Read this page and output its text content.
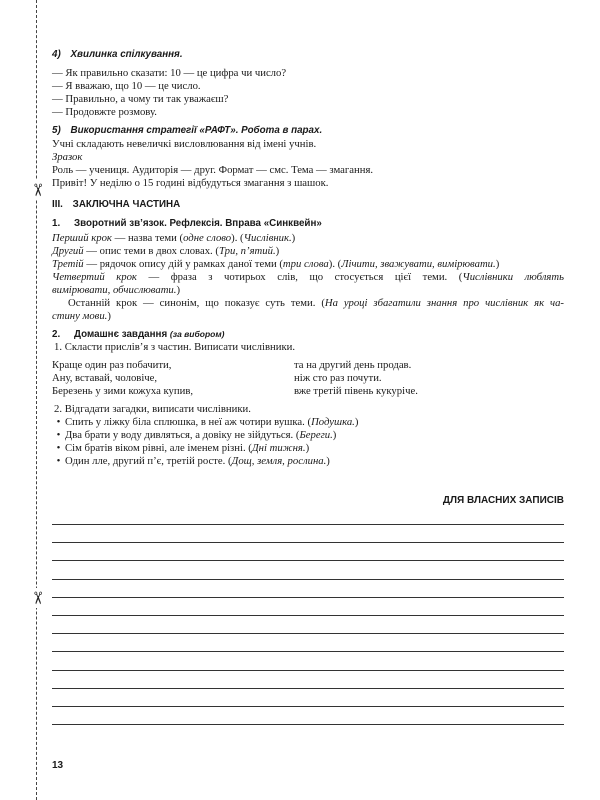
✂
✂
4) Хвилинка спілкування.
— Як правильно сказати: 10 — це цифра чи число?
— Я вважаю, що 10 — це число.
— Правильно, а чому ти так уважаєш?
— Продовжте розмову.
5) Використання стратегії «РАФТ». Робота в парах.
Учні складають невеличкі висловлювання від імені учнів.
Зразок
Роль — учениця. Аудиторія — друг. Формат — смс. Тема — змагання.
Привіт! У неділю о 15 годині відбудуться змагання з шашок.
III. ЗАКЛЮЧНА ЧАСТИНА
1. Зворотний зв’язок. Рефлексія. Вправа «Синквейн»
Перший крок — назва теми (одне слово). (Числівник.)
Другий — опис теми в двох словах. (Три, п’ятий.)
Третій — рядочок опису дій у рамках даної теми (три слова). (Лічити, зважувати, вимірювати.)
Четвертий крок — фраза з чотирьох слів, що стосується цієї теми. (Числівники люблять
вимірювати, обчислювати.)
Останній крок — синонім, що показує суть теми. (На уроці збагатили знання про числівник як ча-
стину мови.)
2. Домашнє завдання (за вибором)
1. Скласти прислів’я з частин. Виписати числівники.
Краще один раз побачити,	та на другий день продав.
Ану, вставай, чоловіче,	ніж сто раз почути.
Березень у зими кожуха купив,	вже третій півень кукуріче.
2. Відгадати загадки, виписати числівники.
• Спить у ліжку біла сплюшка, в неї аж чотири вушка. (Подушка.)
• Два брати у воду дивляться, а довіку не зійдуться. (Береги.)
• Сім братів віком рівні, але іменем різні. (Дні тижня.)
• Один лле, другий п’є, третій росте. (Дощ, земля, рослина.)
ДЛЯ ВЛАСНИХ ЗАПИСІВ
13
